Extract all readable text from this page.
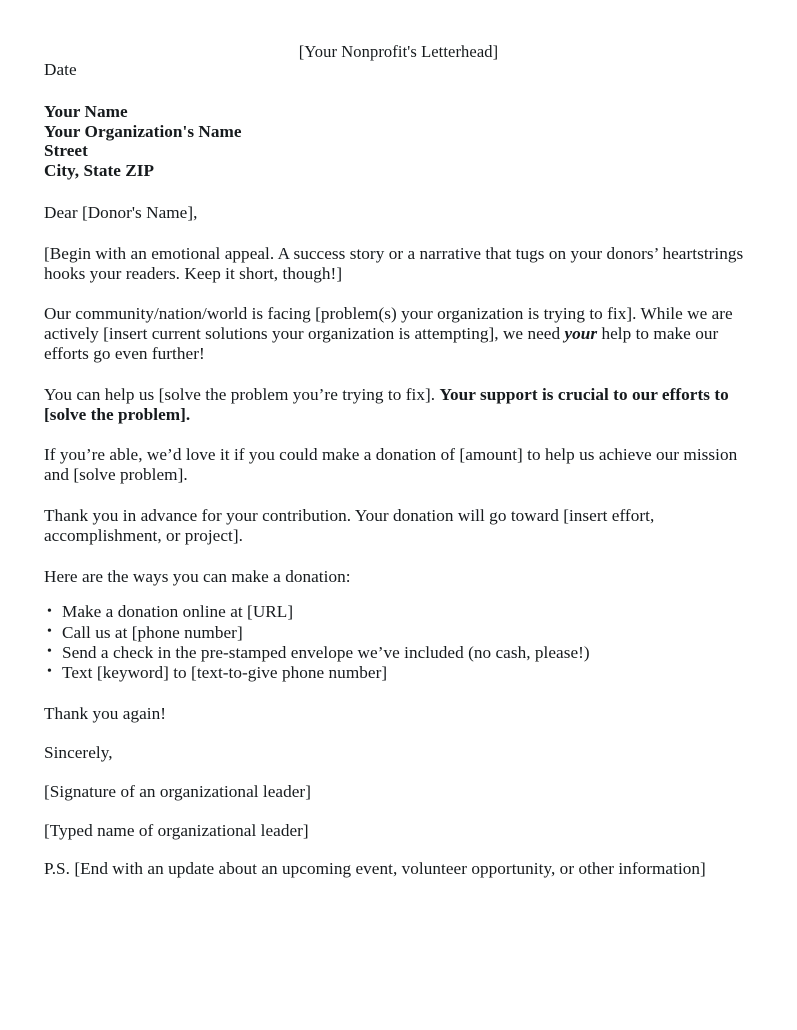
[Your Nonprofit's Letterhead]

Date

Your Name
Your Organization's Name
Street
City, State ZIP

Dear [Donor's Name],

[Begin with an emotional appeal. A success story or a narrative that tugs on your donors’ heartstrings hooks your readers. Keep it short, though!]

Our community/nation/world is facing [problem(s) your organization is trying to fix]. While we are actively [insert current solutions your organization is attempting], we need your help to make our efforts go even further!

You can help us [solve the problem you’re trying to fix]. Your support is crucial to our efforts to [solve the problem].

If you’re able, we’d love it if you could make a donation of [amount] to help us achieve our mission and [solve problem].

Thank you in advance for your contribution. Your donation will go toward [insert effort, accomplishment, or project].

Here are the ways you can make a donation:

• Make a donation online at [URL]
• Call us at [phone number]
• Send a check in the pre-stamped envelope we’ve included (no cash, please!)
• Text [keyword] to [text-to-give phone number]

Thank you again!

Sincerely,

[Signature of an organizational leader]

[Typed name of organizational leader]

P.S. [End with an update about an upcoming event, volunteer opportunity, or other information]
